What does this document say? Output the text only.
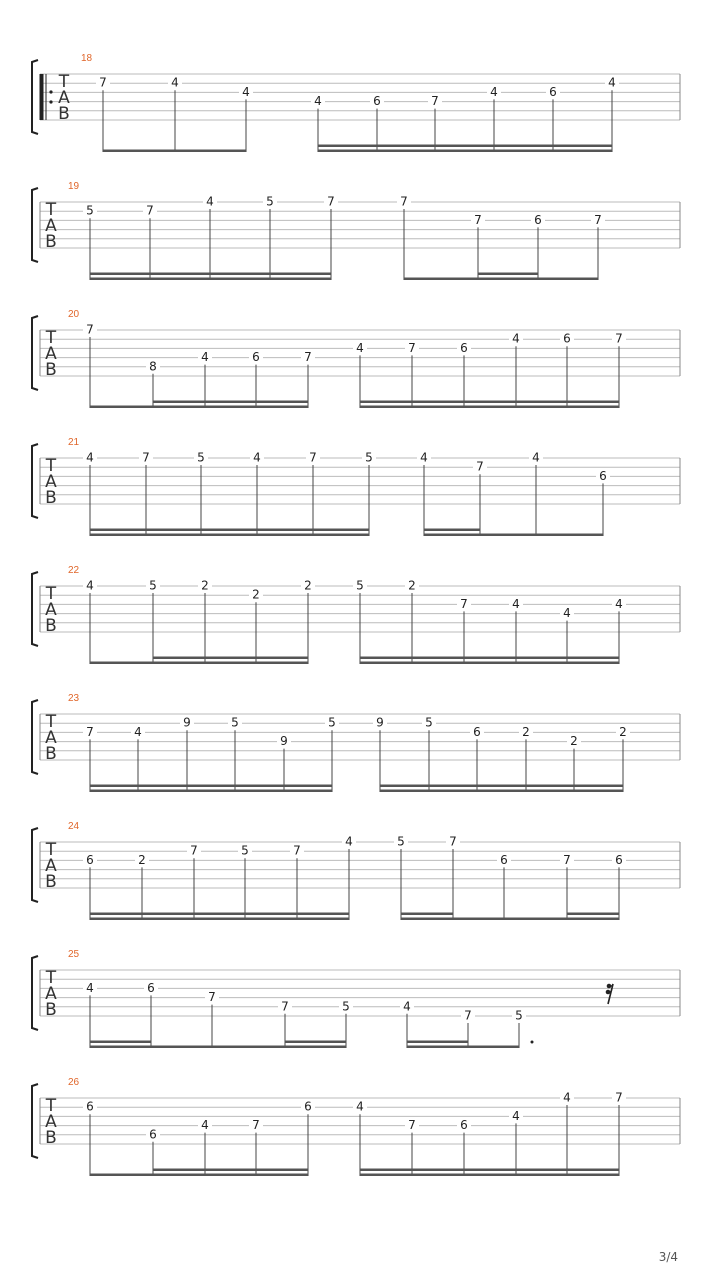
T
A
B
18
7	4
4
4	6	7
4	6
4
T
A
B
19
5	7
4	5	7	7
7	6	7
T
A
B
20
7
8
4	6	7
4	7	6
4	6	7
T
A
B
21
4	7	5	4	7	5	4
7
4
6
T
A
B
22
4	5	2
2
2	5	2
7	4
4
4
T
A
B
23
7	4
9	5
9
5	9	5
6	2
2
2
T
A
B
24
6	2
7	5	7
4	5	7
6	7	6
T
A
B
25
4	6
7
7	5	4
7	5
T
A
B
26
6
6
4	7
6	4
7	6
4
4	7
3/4
